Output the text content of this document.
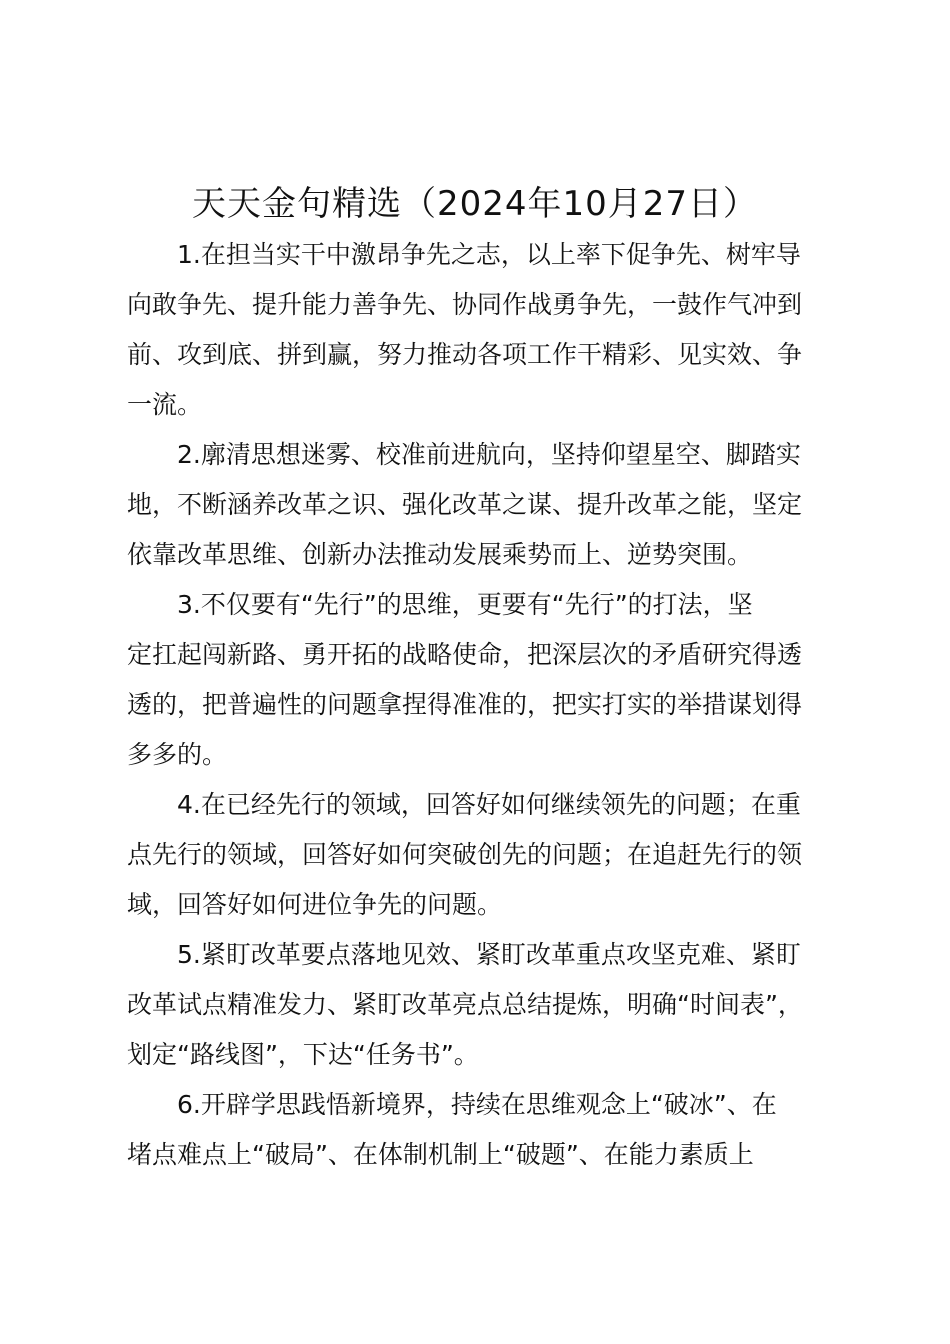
天天金句精选（2024年10月27日）
1.在担当实干中激昂争先之志，以上率下促争先、树牢导
向敢争先、提升能力善争先、协同作战勇争先，一鼓作气冲到
前、攻到底、拼到赢，努力推动各项工作干精彩、见实效、争
一流。
2.廓清思想迷雾、校准前进航向，坚持仰望星空、脚踏实
地，不断涵养改革之识、强化改革之谋、提升改革之能，坚定
依靠改革思维、创新办法推动发展乘势而上、逆势突围。
3.不仅要有“先行”的思维，更要有“先行”的打法，坚
定扛起闯新路、勇开拓的战略使命，把深层次的矛盾研究得透
透的，把普遍性的问题拿捏得准准的，把实打实的举措谋划得
多多的。
4.在已经先行的领域，回答好如何继续领先的问题；在重
点先行的领域，回答好如何突破创先的问题；在追赶先行的领
域，回答好如何进位争先的问题。
5.紧盯改革要点落地见效、紧盯改革重点攻坚克难、紧盯
改革试点精准发力、紧盯改革亮点总结提炼，明确“时间表”，
划定“路线图”，下达“任务书”。
6.开辟学思践悟新境界，持续在思维观念上“破冰”、在
堵点难点上“破局”、在体制机制上“破题”、在能力素质上
